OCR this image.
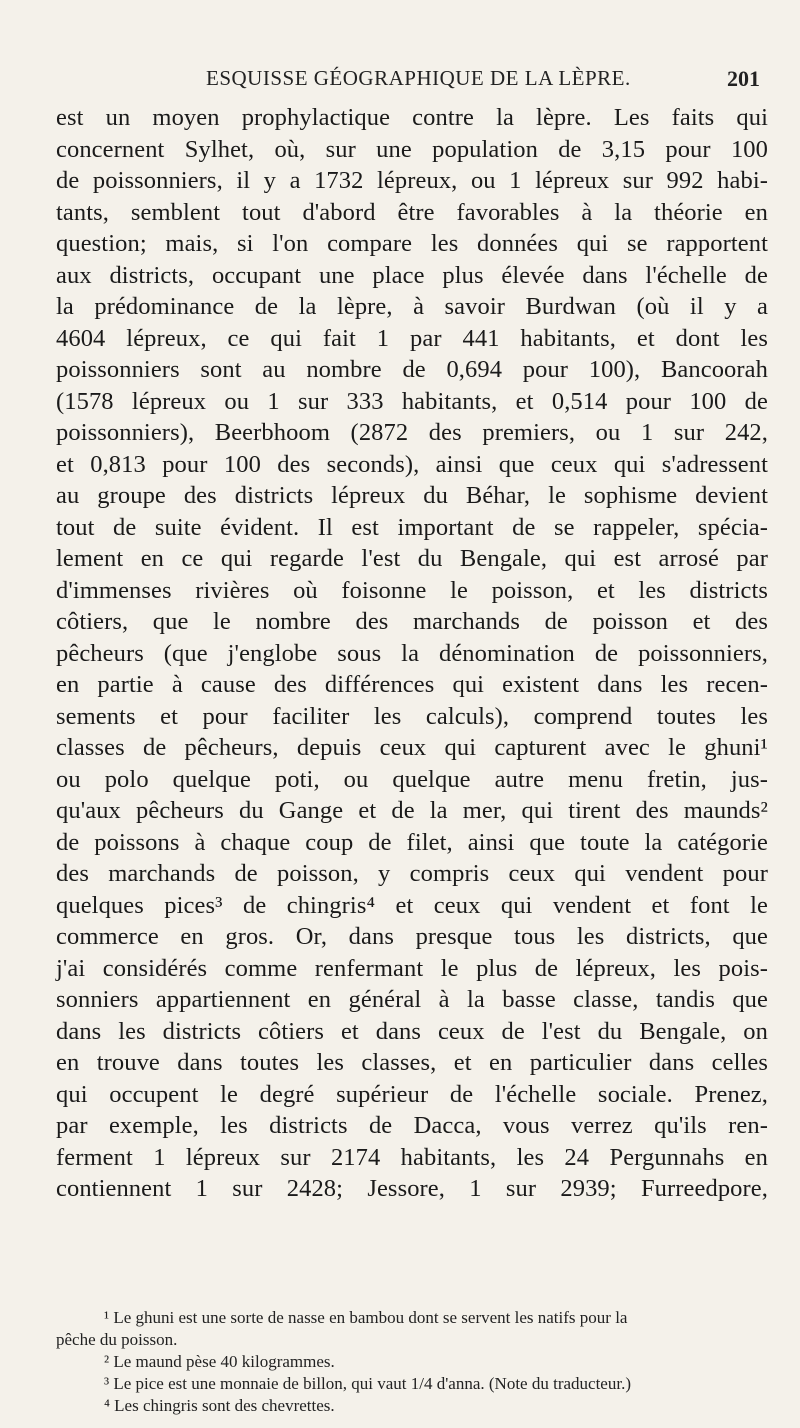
ESQUISSE GÉOGRAPHIQUE DE LA LÈPRE.	201
est un moyen prophylactique contre la lèpre. Les faits qui
concernent Sylhet, où, sur une population de 3,15 pour 100
de poissonniers, il y a 1732 lépreux, ou 1 lépreux sur 992 habi-
tants, semblent tout d'abord être favorables à la théorie en
question; mais, si l'on compare les données qui se rapportent
aux districts, occupant une place plus élevée dans l'échelle de
la prédominance de la lèpre, à savoir Burdwan (où il y a
4604 lépreux, ce qui fait 1 par 441 habitants, et dont les
poissonniers sont au nombre de 0,694 pour 100), Bancoorah
(1578 lépreux ou 1 sur 333 habitants, et 0,514 pour 100 de
poissonniers), Beerbhoom (2872 des premiers, ou 1 sur 242,
et 0,813 pour 100 des seconds), ainsi que ceux qui s'adressent
au groupe des districts lépreux du Béhar, le sophisme devient
tout de suite évident. Il est important de se rappeler, spécia-
lement en ce qui regarde l'est du Bengale, qui est arrosé par
d'immenses rivières où foisonne le poisson, et les districts
côtiers, que le nombre des marchands de poisson et des
pêcheurs (que j'englobe sous la dénomination de poissonniers,
en partie à cause des différences qui existent dans les recen-
sements et pour faciliter les calculs), comprend toutes les
classes de pêcheurs, depuis ceux qui capturent avec le ghuni¹
ou polo quelque poti, ou quelque autre menu fretin, jus-
qu'aux pêcheurs du Gange et de la mer, qui tirent des maunds²
de poissons à chaque coup de filet, ainsi que toute la catégorie
des marchands de poisson, y compris ceux qui vendent pour
quelques pices³ de chingris⁴ et ceux qui vendent et font le
commerce en gros. Or, dans presque tous les districts, que
j'ai considérés comme renfermant le plus de lépreux, les pois-
sonniers appartiennent en général à la basse classe, tandis que
dans les districts côtiers et dans ceux de l'est du Bengale, on
en trouve dans toutes les classes, et en particulier dans celles
qui occupent le degré supérieur de l'échelle sociale. Prenez,
par exemple, les districts de Dacca, vous verrez qu'ils ren-
ferment 1 lépreux sur 2174 habitants, les 24 Pergunnahs en
contiennent 1 sur 2428; Jessore, 1 sur 2939; Furreedpore,
¹ Le ghuni est une sorte de nasse en bambou dont se servent les natifs pour la
pêche du poisson.
² Le maund pèse 40 kilogrammes.
³ Le pice est une monnaie de billon, qui vaut 1/4 d'anna. (Note du traducteur.)
⁴ Les chingris sont des chevrettes.
